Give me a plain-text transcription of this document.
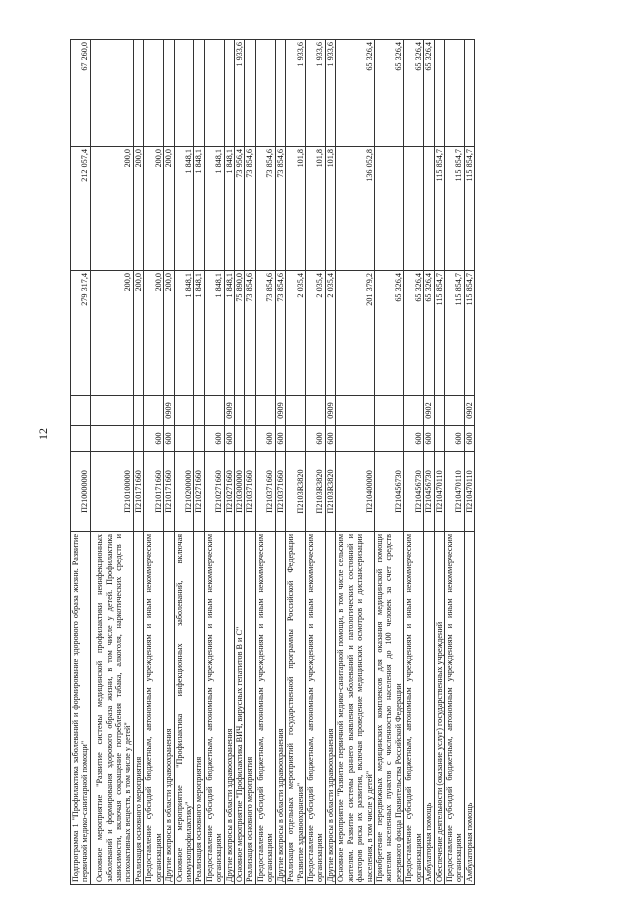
12
Подпрограмма 1 "Профилактика заболеваний и формирование здорового образа жизни. Развитие первичной медико-санитарной помощи"	П210000000			279 317,4	212 057,4	67 260,0
Основное мероприятие "Развитие системы медицинской профилактики неинфекционных заболеваний и формирования здорового образа жизни, в том числе у детей. Профилактика зависимости, включая сокращение потребления табака, алкоголя, наркотических средств и психоактивных веществ, в том числе у детей"	П210100000			200,0	200,0	
Реализация основного мероприятия	П210171660			200,0	200,0	
Предоставление субсидий бюджетным, автономным учреждениям и иным некоммерческим организациям	П210171660	600		200,0	200,0	
Другие вопросы в области здравоохранения	П210171660	600	0909	200,0	200,0	
Основное мероприятие "Профилактика инфекционных заболеваний, включая иммунопрофилактику"	П210200000			1 848,1	1 848,1	
Реализация основного мероприятия	П210271660			1 848,1	1 848,1	
Предоставление субсидий бюджетным, автономным учреждениям и иным некоммерческим организациям	П210271660	600		1 848,1	1 848,1	
Другие вопросы в области здравоохранения	П210271660	600	0909	1 848,1	1 848,1	
Основное мероприятие "Профилактика ВИЧ, вирусных гепатитов В и С"	П210300000			75 890,0	73 956,4	1 933,6
Реализация основного мероприятия	П210371660			73 854,6	73 854,6	
Предоставление субсидий бюджетным, автономным учреждениям и иным некоммерческим организациям	П210371660	600		73 854,6	73 854,6	
Другие вопросы в области здравоохранения	П210371660	600	0909	73 854,6	73 854,6	
Реализация отдельных мероприятий государственной программы Российской Федерации "Развитие здравоохранения"	П2103R3820			2 035,4	101,8	1 933,6
Предоставление субсидий бюджетным, автономным учреждениям и иным некоммерческим организациям	П2103R3820	600		2 035,4	101,8	1 933,6
Другие вопросы в области здравоохранения	П2103R3820	600	0909	2 035,4	101,8	1 933,6
Основное мероприятие "Развитие первичной медико-санитарной помощи, в том числе сельским жителям. Развитие системы раннего выявления заболеваний и патологических состояний и факторов риска их развития, включая проведение медицинских осмотров и диспансеризации населения, в том числе у детей"	П210400000			201 379,2	136 052,8	65 326,4
Приобретение передвижных медицинских комплексов для оказания медицинской помощи жителям населенных пунктов с численностью населения до 100 человек за счет средств резервного фонда Правительства Российской Федерации	П210456730			65 326,4		65 326,4
Предоставление субсидий бюджетным, автономным учреждениям и иным некоммерческим организациям	П210456730	600		65 326,4		65 326,4
Амбулаторная помощь	П210456730	600	0902	65 326,4		65 326,4
Обеспечение деятельности (оказание услуг) государственных учреждений	П210470110			115 854,7	115 854,7	
Предоставление субсидий бюджетным, автономным учреждениям и иным некоммерческим организациям	П210470110	600		115 854,7	115 854,7	
Амбулаторная помощь	П210470110	600	0902	115 854,7	115 854,7	
